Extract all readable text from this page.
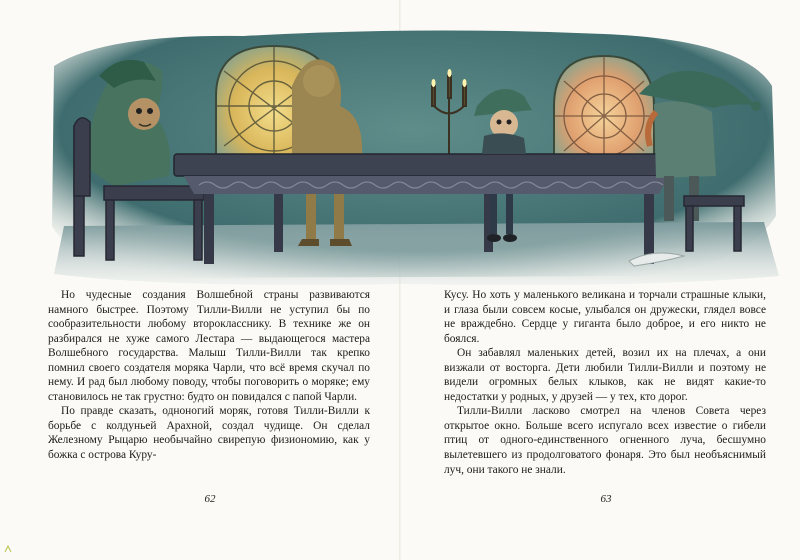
Но чудесные создания Волшебной страны развиваются намного быстрее. Поэтому Тилли-Вилли не уступил бы по сообразительности любому второкласснику. В технике же он разбирался не хуже самого Лестара — выдающегося мастера Волшебного государства. Малыш Тилли-Вилли так крепко помнил своего создателя моряка Чарли, что всё время скучал по нему. И рад был любому поводу, чтобы поговорить о моряке; ему становилось не так грустно: будто он повидался с папой Чарли.

По правде сказать, одноногий моряк, готовя Тилли-Вилли к борьбе с колдуньей Арахной, создал чудище. Он сделал Железному Рыцарю необычайно свирепую физиономию, как у божка с острова Куру-

Кусу. Но хоть у маленького великана и торчали страшные клыки, и глаза были совсем косые, улыбался он дружески, глядел вовсе не враждебно. Сердце у гиганта было доброе, и его никто не боялся.

Он забавлял маленьких детей, возил их на плечах, а они визжали от восторга. Дети любили Тилли-Вилли и поэтому не видели огромных белых клыков, как не видят какие-то недостатки у родных, у друзей — у тех, кто дорог.

Тилли-Вилли ласково смотрел на членов Совета через открытое окно. Больше всего испугало всех известие о гибели птиц от одного-единственного огненного луча, бесшумно вылетевшего из продолговатого фонаря. Это был необъяснимый луч, они такого не знали.

62	63
